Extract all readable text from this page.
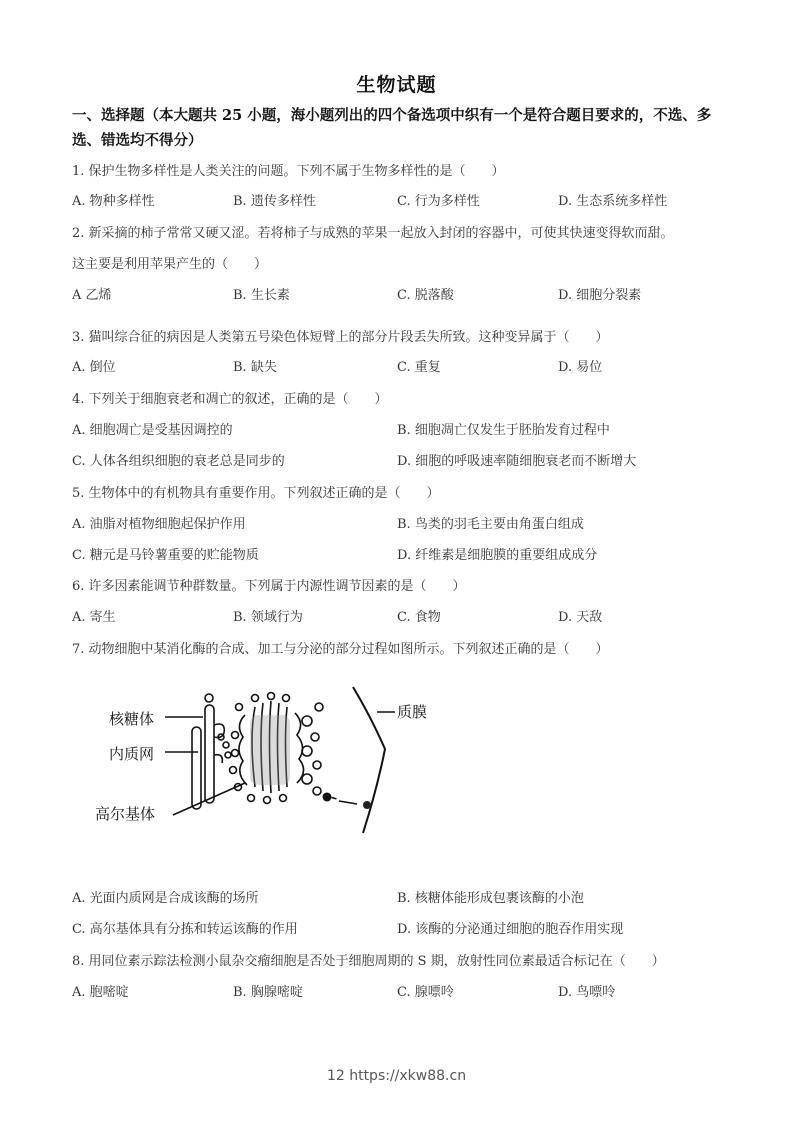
生物试题
一、选择题（本大题共 25 小题，海小题列出的四个备选项中织有一个是符合题目要求的，不选、多选、错选均不得分）
1. 保护生物多样性是人类关注的问题。下列不属于生物多样性的是（　　）
A. 物种多样性	B. 遗传多样性	C. 行为多样性	D. 生态系统多样性
2. 新采摘的柿子常常又硬又涩。若将柿子与成熟的苹果一起放入封闭的容器中，可使其快速变得软而甜。
这主要是利用苹果产生的（　　）
A 乙烯	B. 生长素	C. 脱落酸	D. 细胞分裂素
3. 猫叫综合征的病因是人类第五号染色体短臂上的部分片段丢失所致。这种变异属于（　　）
A. 倒位	B. 缺失	C. 重复	D. 易位
4. 下列关于细胞衰老和凋亡的叙述，正确的是（　　）
A. 细胞凋亡是受基因调控的	B. 细胞凋亡仅发生于胚胎发育过程中
C. 人体各组织细胞的衰老总是同步的	D. 细胞的呼吸速率随细胞衰老而不断增大
5. 生物体中的有机物具有重要作用。下列叙述正确的是（　　）
A. 油脂对植物细胞起保护作用	B. 鸟类的羽毛主要由角蛋白组成
C. 糖元是马铃薯重要的贮能物质	D. 纤维素是细胞膜的重要组成成分
6. 许多因素能调节种群数量。下列属于内源性调节因素的是（　　）
A. 寄生	B. 领域行为	C. 食物	D. 天敌
7. 动物细胞中某消化酶的合成、加工与分泌的部分过程如图所示。下列叙述正确的是（　　）
核糖体
内质网
高尔基体
质膜
A. 光面内质网是合成该酶的场所	B. 核糖体能形成包裹该酶的小泡
C. 高尔基体具有分拣和转运该酶的作用	D. 该酶的分泌通过细胞的胞吞作用实现
8. 用同位素示踪法检测小鼠杂交瘤细胞是否处于细胞周期的 S 期，放射性同位素最适合标记在（　　）
A. 胞嘧啶	B. 胸腺嘧啶	C. 腺嘌呤	D. 鸟嘌呤
12 https://xkw88.cn
